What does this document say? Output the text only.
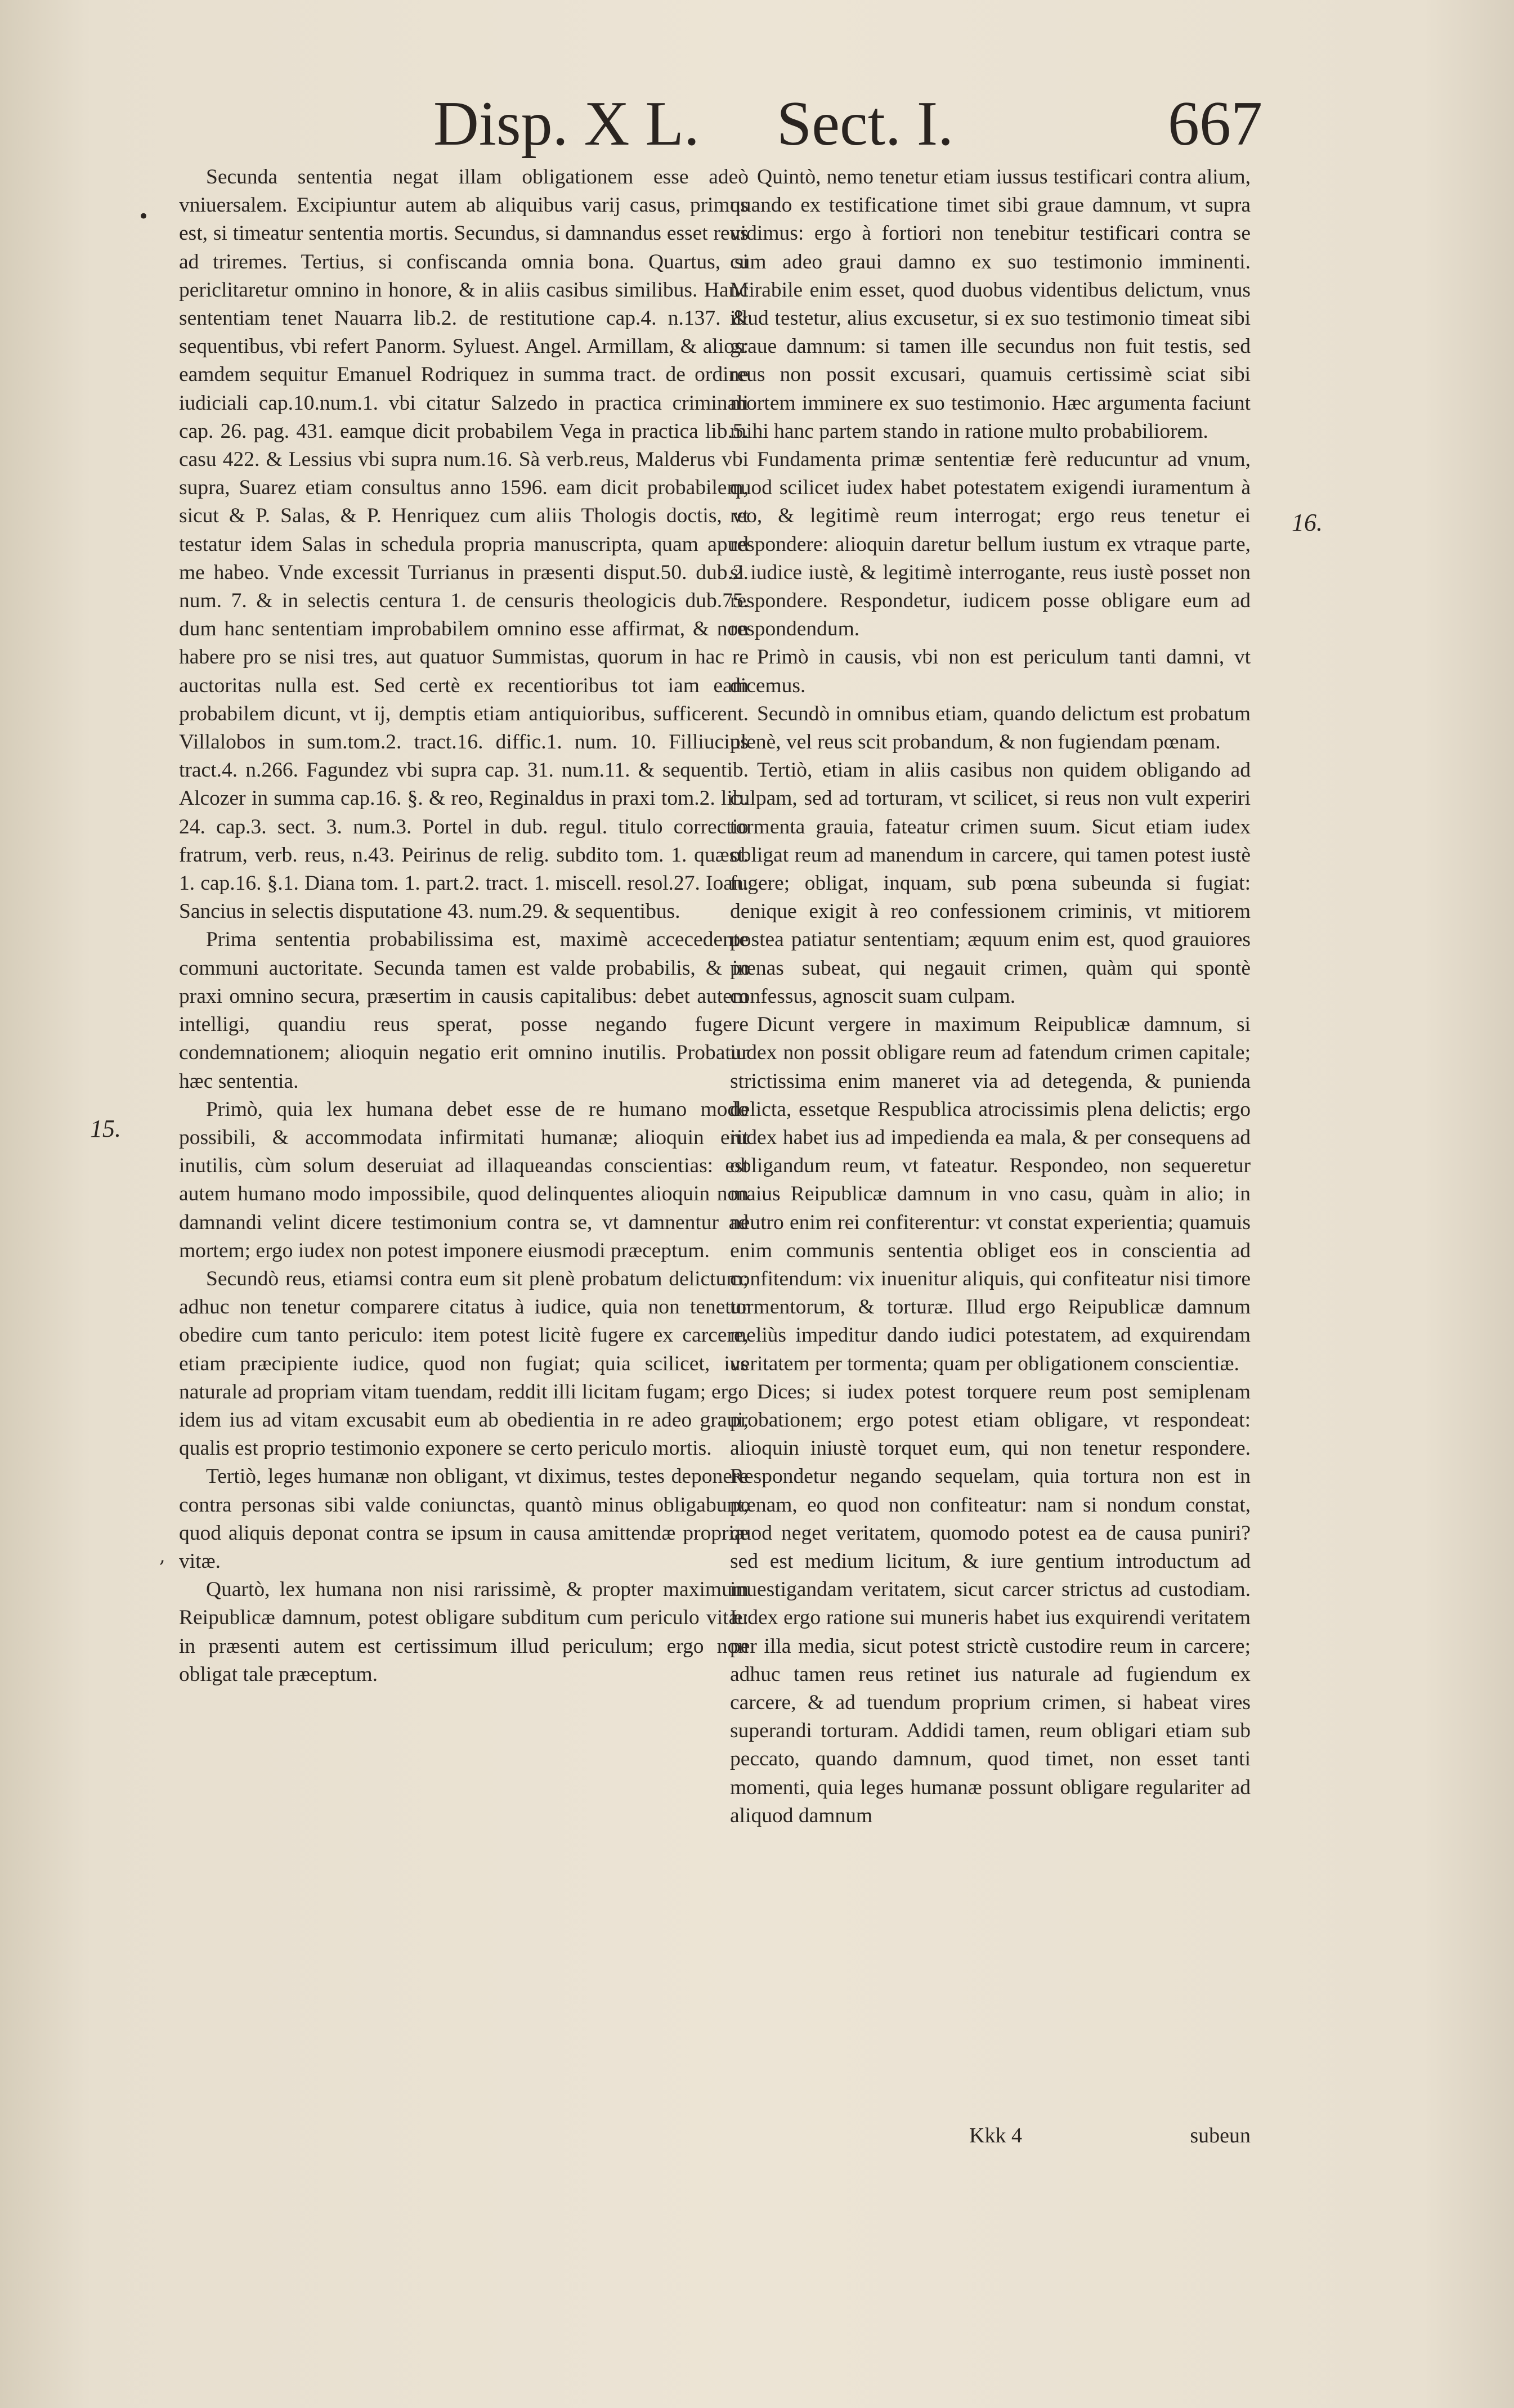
Disp. X L. Sect. I.	667
•
,
15.
16.

Secunda sententia negat illam obligationem esse adeò vniuersalem. Excipiuntur autem ab aliquibus varij casus, primus est, si timeatur sententia mortis. Secundus, si damnandus esset reus ad triremes. Tertius, si confiscanda omnia bona. Quartus, si periclitaretur omnino in honore, & in aliis casibus similibus. Hanc sententiam tenet Nauarra lib.2. de restitutione cap.4. n.137. & sequentibus, vbi refert Panorm. Syluest. Angel. Armillam, & alios: eamdem sequitur Emanuel Rodriquez in summa tract. de ordine iudiciali cap.10.num.1. vbi citatur Salzedo in practica criminali cap. 26. pag. 431. eamque dicit probabilem Vega in practica lib.5. casu 422. & Lessius vbi supra num.16. Sà verb.reus, Malderus vbi supra, Suarez etiam consultus anno 1596. eam dicit probabilem, sicut & P. Salas, & P. Henriquez cum aliis Thologis doctis, vt testatur idem Salas in schedula propria manuscripta, quam apud me habeo. Vnde excessit Turrianus in præsenti disput.50. dub.2. num. 7. & in selectis centura 1. de censuris theologicis dub.75. dum hanc sententiam improbabilem omnino esse affirmat, & non habere pro se nisi tres, aut quatuor Summistas, quorum in hac re auctoritas nulla est. Sed certè ex recentioribus tot iam eam probabilem dicunt, vt ij, demptis etiam antiquioribus, sufficerent. Villalobos in sum.tom.2. tract.16. diffic.1. num. 10. Filliucius tract.4. n.266. Fagundez vbi supra cap. 31. num.11. & sequentib. Alcozer in summa cap.16. §. & reo, Reginaldus in praxi tom.2. lib. 24. cap.3. sect. 3. num.3. Portel in dub. regul. titulo correctio fratrum, verb. reus, n.43. Peirinus de relig. subdito tom. 1. quæst. 1. cap.16. §.1. Diana tom. 1. part.2. tract. 1. miscell. resol.27. Ioan. Sancius in selectis disputatione 43. num.29. & sequentibus.

Prima sententia probabilissima est, maximè accecedente communi auctoritate. Secunda tamen est valde probabilis, & in praxi omnino secura, præsertim in causis capitalibus: debet autem intelligi, quandiu reus sperat, posse negando fugere condemnationem; alioquin negatio erit omnino inutilis. Probatur hæc sententia.

Primò, quia lex humana debet esse de re humano modo possibili, & accommodata infirmitati humanæ; alioquin erit inutilis, cùm solum deseruiat ad illaqueandas conscientias: est autem humano modo impossibile, quod delinquentes alioquin non damnandi velint dicere testimonium contra se, vt damnentur ad mortem; ergo iudex non potest imponere eiusmodi præceptum.

Secundò reus, etiamsi contra eum sit plenè probatum delictum; adhuc non tenetur comparere citatus à iudice, quia non tenetur obedire cum tanto periculo: item potest licitè fugere ex carcere, etiam præcipiente iudice, quod non fugiat; quia scilicet, ius naturale ad propriam vitam tuendam, reddit illi licitam fugam; ergo idem ius ad vitam excusabit eum ab obedientia in re adeo graui, qualis est proprio testimonio exponere se certo periculo mortis.

Tertiò, leges humanæ non obligant, vt diximus, testes deponere contra personas sibi valde coniunctas, quantò minus obligabunt, quod aliquis deponat contra se ipsum in causa amittendæ propriæ vitæ.

Quartò, lex humana non nisi rarissimè, & propter maximum Reipublicæ damnum, potest obligare subditum cum periculo vitæ: in præsenti autem est certissimum illud periculum; ergo non obligat tale præceptum.

Quintò, nemo tenetur etiam iussus testificari contra alium, quando ex testificatione timet sibi graue damnum, vt supra vidimus: ergo à fortiori non tenebitur testificari contra se cum adeo graui damno ex suo testimonio imminenti. Mirabile enim esset, quod duobus videntibus delictum, vnus illud testetur, alius excusetur, si ex suo testimonio timeat sibi graue damnum: si tamen ille secundus non fuit testis, sed reus non possit excusari, quamuis certissimè sciat sibi mortem imminere ex suo testimonio. Hæc argumenta faciunt mihi hanc partem stando in ratione multo probabiliorem.

Fundamenta primæ sententiæ ferè reducuntur ad vnum, quod scilicet iudex habet potestatem exigendi iuramentum à reo, & legitimè reum interrogat; ergo reus tenetur ei respondere: alioquin daretur bellum iustum ex vtraque parte, si iudice iustè, & legitimè interrogante, reus iustè posset non respondere. Respondetur, iudicem posse obligare eum ad respondendum.

Primò in causis, vbi non est periculum tanti damni, vt dicemus.

Secundò in omnibus etiam, quando delictum est probatum plenè, vel reus scit probandum, & non fugiendam pœnam.

Tertiò, etiam in aliis casibus non quidem obligando ad culpam, sed ad torturam, vt scilicet, si reus non vult experiri tormenta grauia, fateatur crimen suum. Sicut etiam iudex obligat reum ad manendum in carcere, qui tamen potest iustè fugere; obligat, inquam, sub pœna subeunda si fugiat: denique exigit à reo confessionem criminis, vt mitiorem postea patiatur sententiam; æquum enim est, quod grauiores pœnas subeat, qui negauit crimen, quàm qui spontè confessus, agnoscit suam culpam.

Dicunt vergere in maximum Reipublicæ damnum, si iudex non possit obligare reum ad fatendum crimen capitale; strictissima enim maneret via ad detegenda, & punienda delicta, essetque Respublica atrocissimis plena delictis; ergo iudex habet ius ad impedienda ea mala, & per consequens ad obligandum reum, vt fateatur. Respondeo, non sequeretur maius Reipublicæ damnum in vno casu, quàm in alio; in neutro enim rei confiterentur: vt constat experientia; quamuis enim communis sententia obliget eos in conscientia ad confitendum: vix inuenitur aliquis, qui confiteatur nisi timore tormentorum, & torturæ. Illud ergo Reipublicæ damnum meliùs impeditur dando iudici potestatem, ad exquirendam veritatem per tormenta; quam per obligationem conscientiæ.

Dices; si iudex potest torquere reum post semiplenam probationem; ergo potest etiam obligare, vt respondeat: alioquin iniustè torquet eum, qui non tenetur respondere. Respondetur negando sequelam, quia tortura non est in pœnam, eo quod non confiteatur: nam si nondum constat, quod neget veritatem, quomodo potest ea de causa puniri? sed est medium licitum, & iure gentium introductum ad inuestigandam veritatem, sicut carcer strictus ad custodiam. Iudex ergo ratione sui muneris habet ius exquirendi veritatem per illa media, sicut potest strictè custodire reum in carcere; adhuc tamen reus retinet ius naturale ad fugiendum ex carcere, & ad tuendum proprium crimen, si habeat vires superandi torturam. Addidi tamen, reum obligari etiam sub peccato, quando damnum, quod timet, non esset tanti momenti, quia leges humanæ possunt obligare regulariter ad aliquod damnum

Kkk 4	subeun
